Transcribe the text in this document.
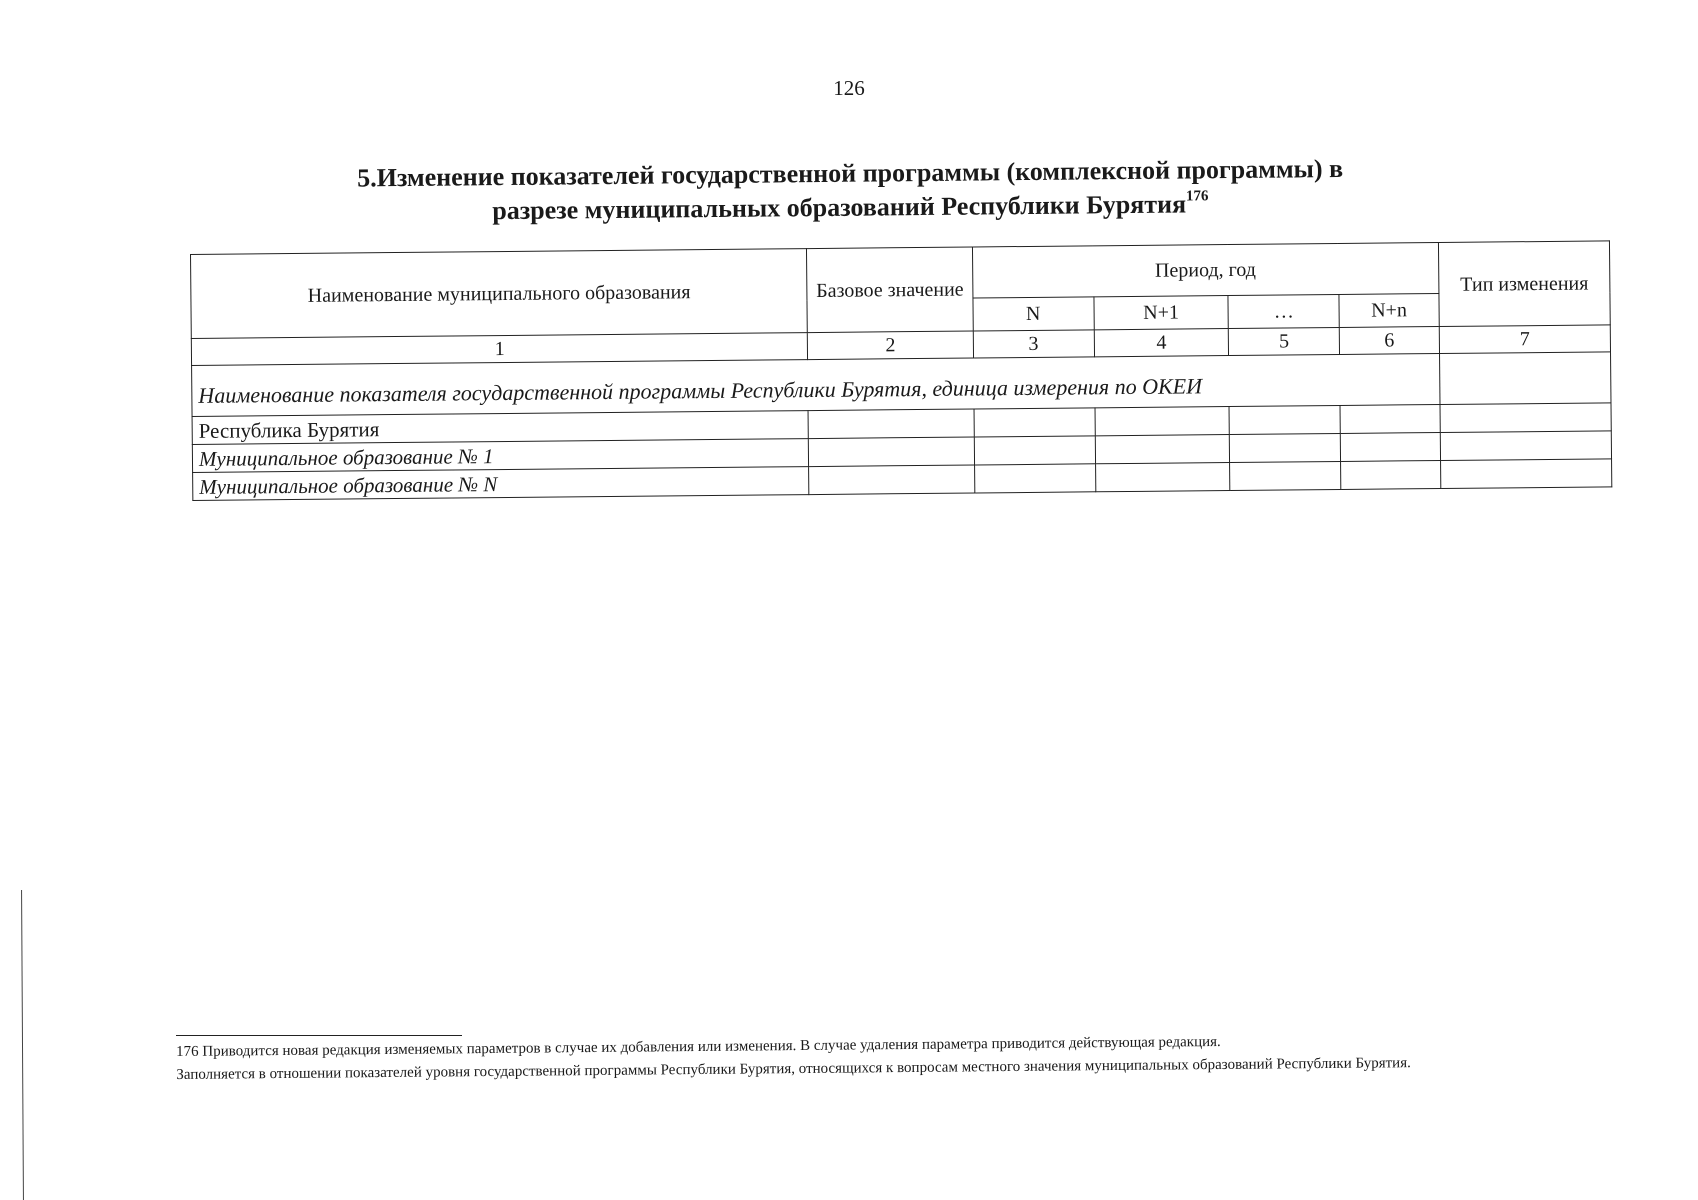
126
5.Изменение показателей государственной программы (комплексной программы) в
разрезе муниципальных образований Республики Бурятия$^{176}$
Наименование муниципального образования	Базовое значение	Период, год				Тип изменения
		N	N+1	…	N+n	
1	2	3	4	5	6	7
Наименование показателя государственной программы Республики Бурятия, единица измерения по ОКЕИ						
Республика Бурятия						
Муниципальное образование № 1						
Муниципальное образование № N						
176 Приводится новая редакция изменяемых параметров в случае их добавления или изменения. В случае удаления параметра приводится действующая редакция.
Заполняется в отношении показателей уровня государственной программы Республики Бурятия, относящихся к вопросам местного значения муниципальных образований Республики Бурятия.
